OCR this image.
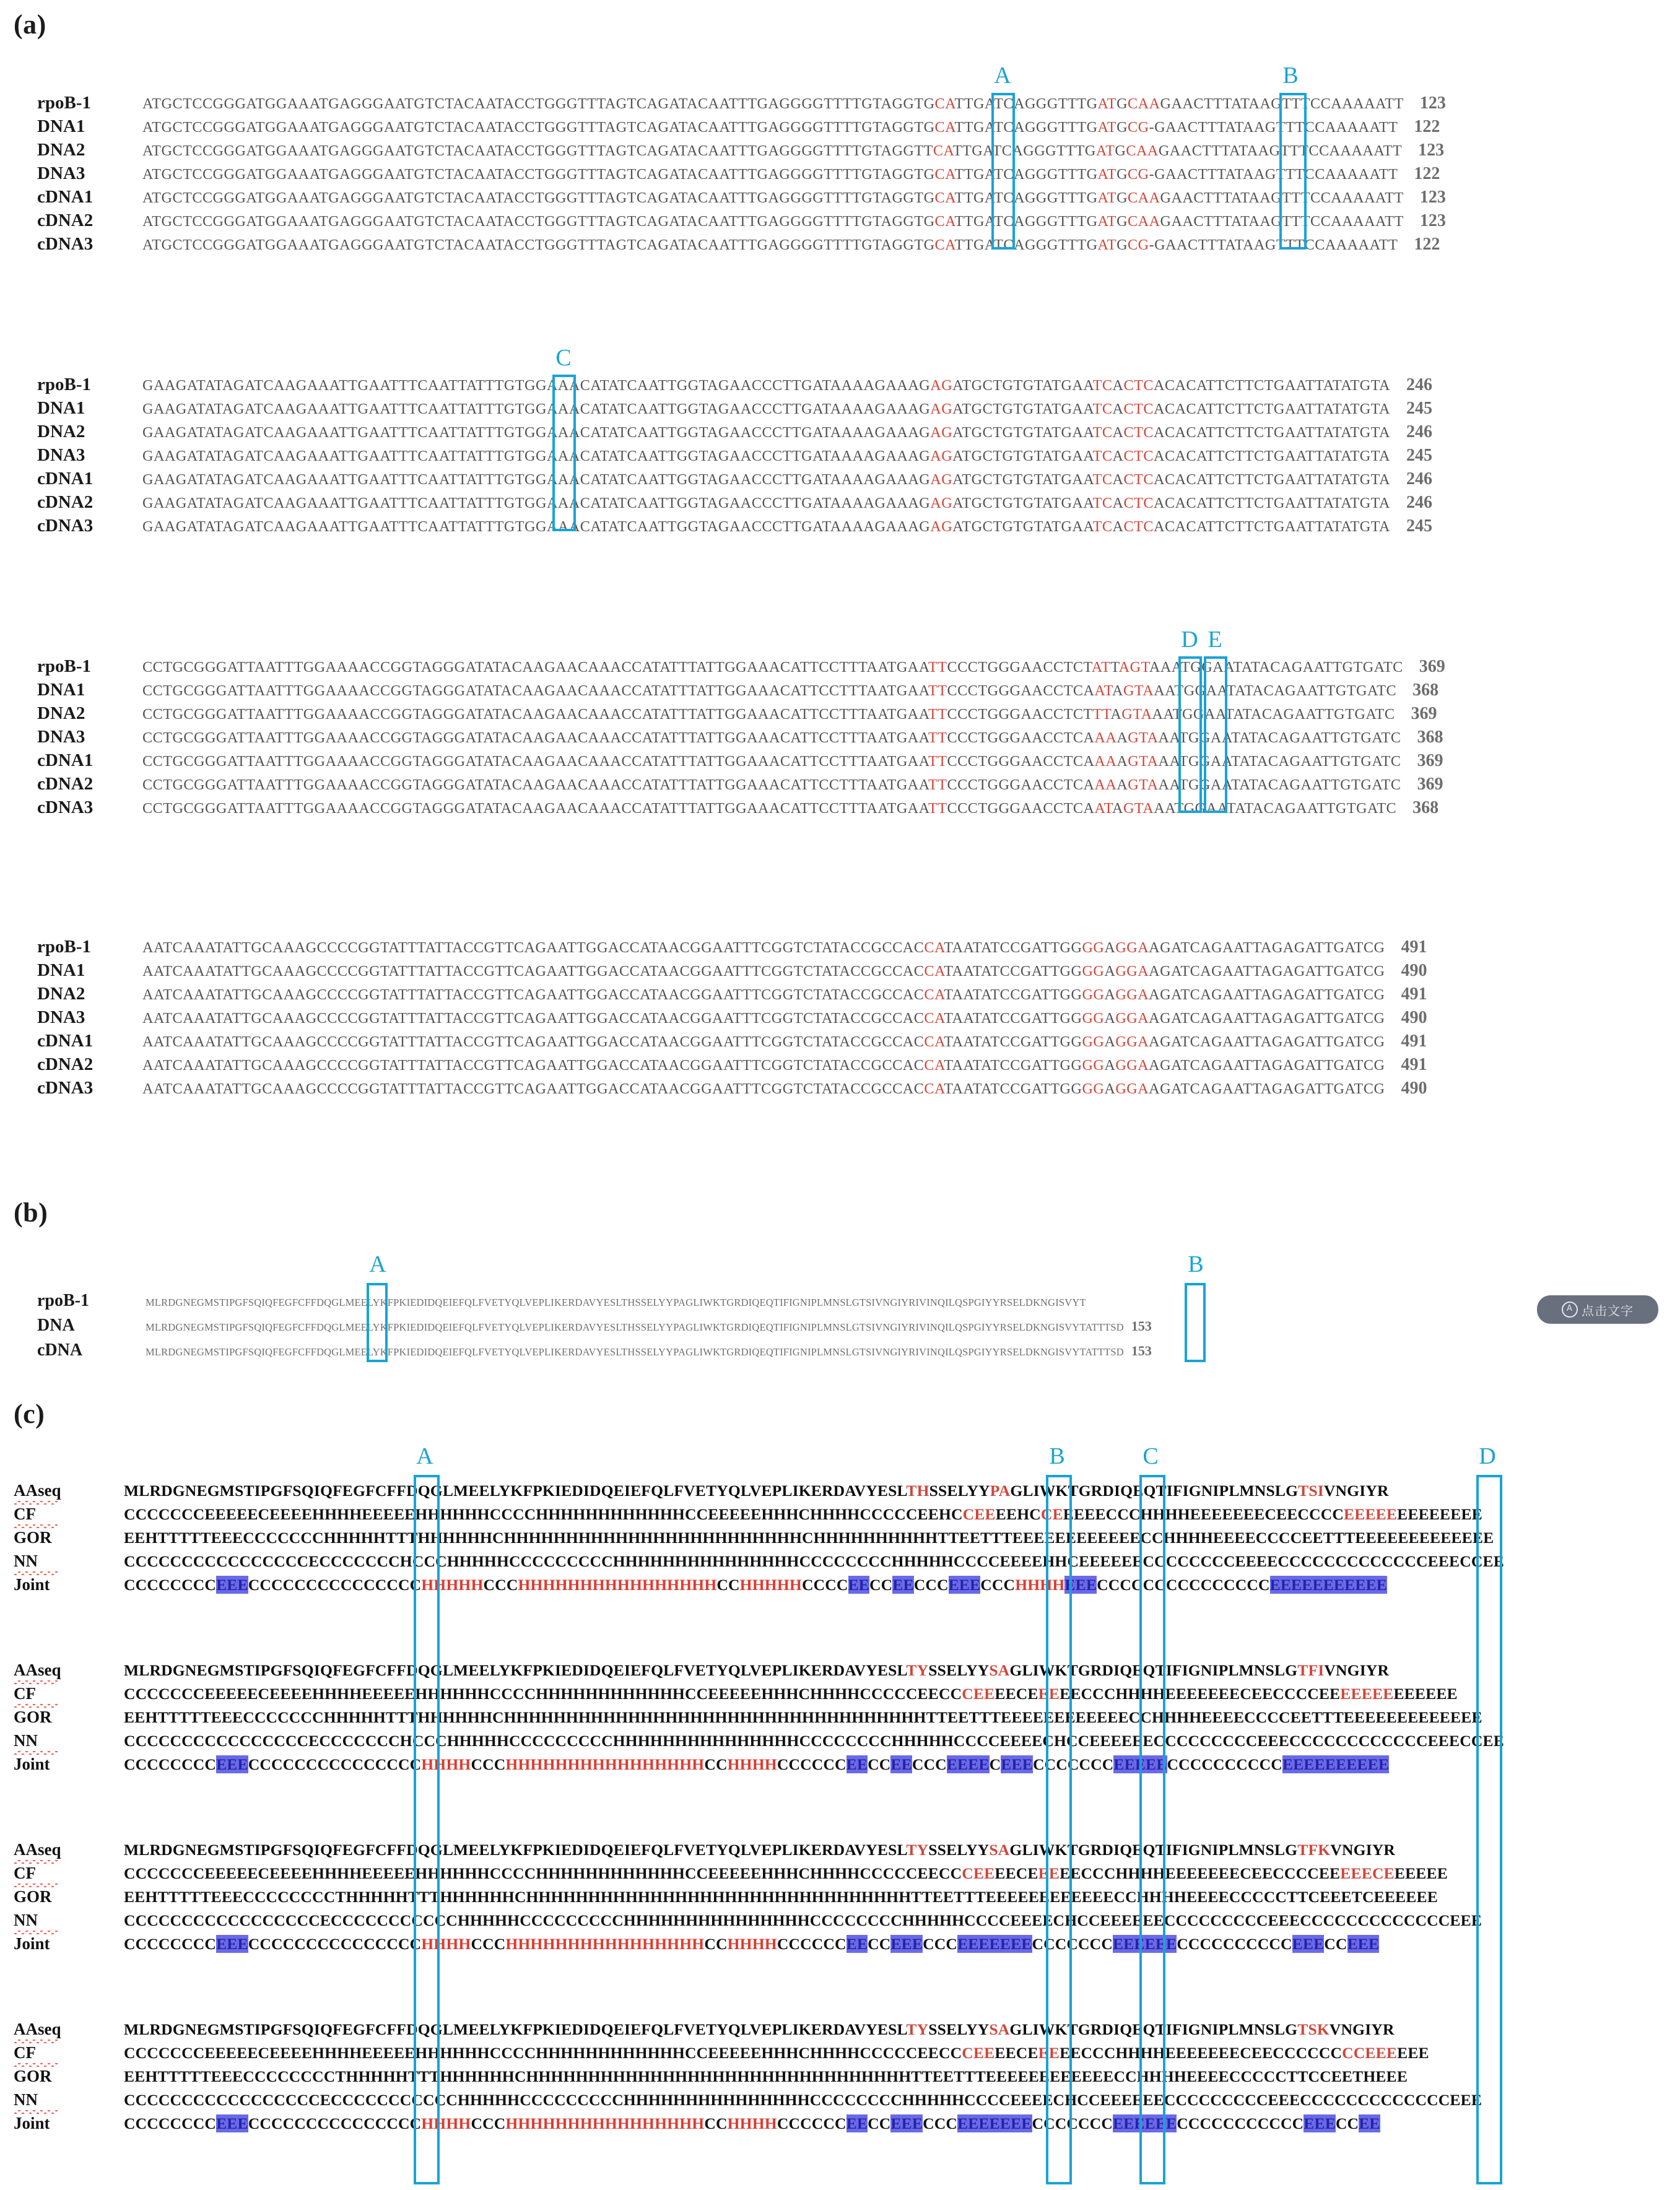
(a)
rpoB-1	ATGCTCCGGGATGGAAATGAGGGAATGTCTACAATACCTGGGTTTAGTCAGATACAATTTGAGGGGTTTTGTAGGTGCATTGATCAGGGTTTGATGCAAGAACTTTATAAGTTTCCAAAAATT 123
DNA1	ATGCTCCGGGATGGAAATGAGGGAATGTCTACAATACCTGGGTTTAGTCAGATACAATTTGAGGGGTTTTGTAGGTGCATTGATCAGGGTTTGATGCG-GAACTTTATAAGTTTCCAAAAATT 122
DNA2	ATGCTCCGGGATGGAAATGAGGGAATGTCTACAATACCTGGGTTTAGTCAGATACAATTTGAGGGGTTTTGTAGGTTCATTGATCAGGGTTTGATGCAAGAACTTTATAAGTTTCCAAAAATT 123
DNA3	ATGCTCCGGGATGGAAATGAGGGAATGTCTACAATACCTGGGTTTAGTCAGATACAATTTGAGGGGTTTTGTAGGTGCATTGATCAGGGTTTGATGCG-GAACTTTATAAGTTTCCAAAAATT 122
cDNA1	ATGCTCCGGGATGGAAATGAGGGAATGTCTACAATACCTGGGTTTAGTCAGATACAATTTGAGGGGTTTTGTAGGTGCATTGATCAGGGTTTGATGCAAGAACTTTATAAGTTTCCAAAAATT 123
cDNA2	ATGCTCCGGGATGGAAATGAGGGAATGTCTACAATACCTGGGTTTAGTCAGATACAATTTGAGGGGTTTTGTAGGTGCATTGATCAGGGTTTGATGCAAGAACTTTATAAGTTTCCAAAAATT 123
cDNA3	ATGCTCCGGGATGGAAATGAGGGAATGTCTACAATACCTGGGTTTAGTCAGATACAATTTGAGGGGTTTTGTAGGTGCATTGATCAGGGTTTGATGCG-GAACTTTATAAGTTTCCAAAAATT 122
rpoB-1	GAAGATATAGATCAAGAAATTGAATTTCAATTATTTGTGGAAACATATCAATTGGTAGAACCCTTGATAAAAGAAAGAGATGCTGTGTATGAATCACTCACACATTCTTCTGAATTATATGTA 246
DNA1	GAAGATATAGATCAAGAAATTGAATTTCAATTATTTGTGGAAACATATCAATTGGTAGAACCCTTGATAAAAGAAAGAGATGCTGTGTATGAATCACTCACACATTCTTCTGAATTATATGTA 245
DNA2	GAAGATATAGATCAAGAAATTGAATTTCAATTATTTGTGGAAACATATCAATTGGTAGAACCCTTGATAAAAGAAAGAGATGCTGTGTATGAATCACTCACACATTCTTCTGAATTATATGTA 246
DNA3	GAAGATATAGATCAAGAAATTGAATTTCAATTATTTGTGGAAACATATCAATTGGTAGAACCCTTGATAAAAGAAAGAGATGCTGTGTATGAATCACTCACACATTCTTCTGAATTATATGTA 245
cDNA1	GAAGATATAGATCAAGAAATTGAATTTCAATTATTTGTGGAAACATATCAATTGGTAGAACCCTTGATAAAAGAAAGAGATGCTGTGTATGAATCACTCACACATTCTTCTGAATTATATGTA 246
cDNA2	GAAGATATAGATCAAGAAATTGAATTTCAATTATTTGTGGAAACATATCAATTGGTAGAACCCTTGATAAAAGAAAGAGATGCTGTGTATGAATCACTCACACATTCTTCTGAATTATATGTA 246
cDNA3	GAAGATATAGATCAAGAAATTGAATTTCAATTATTTGTGGAAACATATCAATTGGTAGAACCCTTGATAAAAGAAAGAGATGCTGTGTATGAATCACTCACACATTCTTCTGAATTATATGTA 245
rpoB-1	CCTGCGGGATTAATTTGGAAAACCGGTAGGGATATACAAGAACAAACCATATTTATTGGAAACATTCCTTTAATGAATTCCCTGGGAACCTCTATTAGTAAATGGAATATACAGAATTGTGATC 369
DNA1	CCTGCGGGATTAATTTGGAAAACCGGTAGGGATATACAAGAACAAACCATATTTATTGGAAACATTCCTTTAATGAATTCCCTGGGAACCTCAATAGTAAATGGAATATACAGAATTGTGATC 368
DNA2	CCTGCGGGATTAATTTGGAAAACCGGTAGGGATATACAAGAACAAACCATATTTATTGGAAACATTCCTTTAATGAATTCCCTGGGAACCTCTTTAGTAAATGGAATATACAGAATTGTGATC 369
DNA3	CCTGCGGGATTAATTTGGAAAACCGGTAGGGATATACAAGAACAAACCATATTTATTGGAAACATTCCTTTAATGAATTCCCTGGGAACCTCAAAAGTAAATGGAATATACAGAATTGTGATC 368
cDNA1	CCTGCGGGATTAATTTGGAAAACCGGTAGGGATATACAAGAACAAACCATATTTATTGGAAACATTCCTTTAATGAATTCCCTGGGAACCTCAAAAGTAAATGGAATATACAGAATTGTGATC 369
cDNA2	CCTGCGGGATTAATTTGGAAAACCGGTAGGGATATACAAGAACAAACCATATTTATTGGAAACATTCCTTTAATGAATTCCCTGGGAACCTCAAAAGTAAATGGAATATACAGAATTGTGATC 369
cDNA3	CCTGCGGGATTAATTTGGAAAACCGGTAGGGATATACAAGAACAAACCATATTTATTGGAAACATTCCTTTAATGAATTCCCTGGGAACCTCAATAGTAAATGGAATATACAGAATTGTGATC 368
rpoB-1	AATCAAATATTGCAAAGCCCCGGTATTTATTACCGTTCAGAATTGGACCATAACGGAATTTCGGTCTATACCGCCACCATAATATCCGATTGGGGAGGAAGATCAGAATTAGAGATTGATCG 491
DNA1	AATCAAATATTGCAAAGCCCCGGTATTTATTACCGTTCAGAATTGGACCATAACGGAATTTCGGTCTATACCGCCACCATAATATCCGATTGGGGAGGAAGATCAGAATTAGAGATTGATCG 490
DNA2	AATCAAATATTGCAAAGCCCCGGTATTTATTACCGTTCAGAATTGGACCATAACGGAATTTCGGTCTATACCGCCACCATAATATCCGATTGGGGAGGAAGATCAGAATTAGAGATTGATCG 491
DNA3	AATCAAATATTGCAAAGCCCCGGTATTTATTACCGTTCAGAATTGGACCATAACGGAATTTCGGTCTATACCGCCACCATAATATCCGATTGGGGAGGAAGATCAGAATTAGAGATTGATCG 490
cDNA1	AATCAAATATTGCAAAGCCCCGGTATTTATTACCGTTCAGAATTGGACCATAACGGAATTTCGGTCTATACCGCCACCATAATATCCGATTGGGGAGGAAGATCAGAATTAGAGATTGATCG 491
cDNA2	AATCAAATATTGCAAAGCCCCGGTATTTATTACCGTTCAGAATTGGACCATAACGGAATTTCGGTCTATACCGCCACCATAATATCCGATTGGGGAGGAAGATCAGAATTAGAGATTGATCG 491
cDNA3	AATCAAATATTGCAAAGCCCCGGTATTTATTACCGTTCAGAATTGGACCATAACGGAATTTCGGTCTATACCGCCACCATAATATCCGATTGGGGAGGAAGATCAGAATTAGAGATTGATCG 490
A	B
C
D E
(b)
rpoB-1	MLRDGNEGMSTIPGFSQIQFEGFCFFDQGLMEELYKFPKIEDIDQEIEFQLFVETYQLVEPLIKERDAVYESLTHSSELYYPAGLIWKTGRDIQEQTIFIGNIPLMNSLGTSIVNGIYRIVINQILQSPGIYYRSELDKNGISVYT
DNA	MLRDGNEGMSTIPGFSQIQFEGFCFFDQGLMEELYKFPKIEDIDQEIEFQLFVETYQLVEPLIKERDAVYESLTHSSELYYPAGLIWKTGRDIQEQTIFIGNIPLMNSLGTSIVNGIYRIVINQILQSPGIYYRSELDKNGISVYTATTTSD 153
cDNA	MLRDGNEGMSTIPGFSQIQFEGFCFFDQGLMEELYKFPKIEDIDQEIEFQLFVETYQLVEPLIKERDAVYESLTHSSELYYPAGLIWKTGRDIQEQTIFIGNIPLMNSLGTSIVNGIYRIVINQILQSPGIYYRSELDKNGISVYTATTTSD 153
A	B
A 点击文字
(c)
AAseq	MLRDGNEGMSTIPGFSQIQFEGFCFFDQGLMEELYKFPKIEDIDQEIEFQLFVETYQLVEPLIKERDAVYESLTHSSELYYPAGLIWKTGRDIQEQTIFIGNIPLMNSLGTSIVNGIYR
CF	CCCCCCCEEEEECEEEEHHHHEEEEEHHHHHHCCCCHHHHHHHHHHHHCCEEEEEHHHCHHHHCCCCCEEHCCEEEEHCCEEEEECCCHHHHEEEEEEECEECCCCEEEEEEEEEEEEE
GOR	EEHTTTTTEEECCCCCCCHHHHHTTTHHHHHHCHHHHHHHHHHHHHHHHHHHHHHHHCHHHHHHHHHHTTEETTTEEEEEEEEEEEECCHHHHEEEECCCCEETTTEEEEEEEEEEEEE
NN	CCCCCCCCCCCCCCCCECCCCCCCHCCCHHHHHCCCCCCCCCHHHHHHHHHHHHHHHCCCCCCCCHHHHHCCCCEEEEHHCEEEEEECCCCCCCCEEEECCCCCCCCCCCCCEEECCEE
Joint	CCCCCCCCEEECCCCCCCCCCCCCCCHHHHHCCCHHHHHHHHHHHHHHHHCCHHHHHCCCCEECCEECCCEEECCCHHHHEEECCCCCCCCCCCCCCCEEEEEEEEEEE
AAseq	MLRDGNEGMSTIPGFSQIQFEGFCFFDQGLMEELYKFPKIEDIDQEIEFQLFVETYQLVEPLIKERDAVYESLTYSSELYYSAGLIWKTGRDIQEQTIFIGNIPLMNSLGTFIVNGIYR
CF	CCCCCCCEEEEECEEEEHHHHEEEEEHHHHHHCCCCHHHHHHHHHHHHCCEEEEEHHHCHHHHCCCCCEECCCEEEECEEEEECCCHHHHEEEEEEECEECCCCEEEEEEEEEEEEE
GOR	EEHTTTTTEEECCCCCCCHHHHHTTTHHHHHHCHHHHHHHHHHHHHHHHHHHHHHHHHHHHHHHHHHTTEETTTEEEEEEEEEEEECCHHHHEEEECCCCEETTTEEEEEEEEEEEEE
NN	CCCCCCCCCCCCCCCCECCCCCCCHCCCHHHHHCCCCCCCCCHHHHHHHHHHHHHHHCCCCCCCCHHHHHCCCCEEEECHCCEEEEEECCCCCCCCCEEECCCCCCCCCCCCEEECCEE
Joint	CCCCCCCCEEECCCCCCCCCCCCCCCHHHHCCCHHHHHHHHHHHHHHHHCCHHHHCCCCCCEECCEECCCEEEECEEECCCCCCCEEEEECCCCCCCCCCEEEEEEEEEE
AAseq	MLRDGNEGMSTIPGFSQIQFEGFCFFDQGLMEELYKFPKIEDIDQEIEFQLFVETYQLVEPLIKERDAVYESLTYSSELYYSAGLIWKTGRDIQEQTIFIGNIPLMNSLGTFKVNGIYR
CF	CCCCCCCEEEEECEEEEHHHHEEEEEHHHHHHCCCCHHHHHHHHHHHHCCEEEEEHHHCHHHHCCCCCEECCCEEEECEEEEECCCHHHHEEEEEEECEECCCCEEEEECEEEEEE
GOR	EEHTTTTTEEECCCCCCCCTHHHHHTTTHHHHHHCHHHHHHHHHHHHHHHHHHHHHHHHHHHHHHHTTEETTTEEEEEEEEEEEECCHHHHEEEECCCCCTTCEEETCEEEEEE
NN	CCCCCCCCCCCCCCCCCECCCCCCCCCCCHHHHHCCCCCCCCCHHHHHHHHHHHHHHHCCCCCCCCHHHHHCCCCEEEECHCCEEEEEECCCCCCCCCEEECCCCCCCCCCCCCEEE
Joint	CCCCCCCCEEECCCCCCCCCCCCCCCHHHHCCCHHHHHHHHHHHHHHHHCCHHHHCCCCCCEECCEEECCCEEEEEEECCCCCCCEEEEEECCCCCCCCCCEEECCEEE
AAseq	MLRDGNEGMSTIPGFSQIQFEGFCFFDQGLMEELYKFPKIEDIDQEIEFQLFVETYQLVEPLIKERDAVYESLTYSSELYYSAGLIWKTGRDIQEQTIFIGNIPLMNSLGTSKVNGIYR
CF	CCCCCCCEEEEECEEEEHHHHEEEEEHHHHHHCCCCHHHHHHHHHHHHCCEEEEEHHHCHHHHCCCCCEECCCEEEECEEEEECCCHHHHEEEEEEECEECCCCCCCCEEEEEE
GOR	EEHTTTTTEEECCCCCCCCTHHHHHTTTHHHHHHCHHHHHHHHHHHHHHHHHHHHHHHHHHHHHHHTTEETTTEEEEEEEEEEEECCHHHHEEEECCCCCTTCCEETHEEE
NN	CCCCCCCCCCCCCCCCCECCCCCCCCCCCHHHHHCCCCCCCCCHHHHHHHHHHHHHHHCCCCCCCCHHHHHCCCCEEEECHCCEEEEEECCCCCCCCCEEECCCCCCCCCCCCCEEE
Joint	CCCCCCCCEEECCCCCCCCCCCCCCCHHHHCCCHHHHHHHHHHHHHHHHCCHHHHCCCCCCEECCEEECCCEEEEEEECCCCCCCEEEEEECCCCCCCCCCCEEECCEE
A	B	C	D
